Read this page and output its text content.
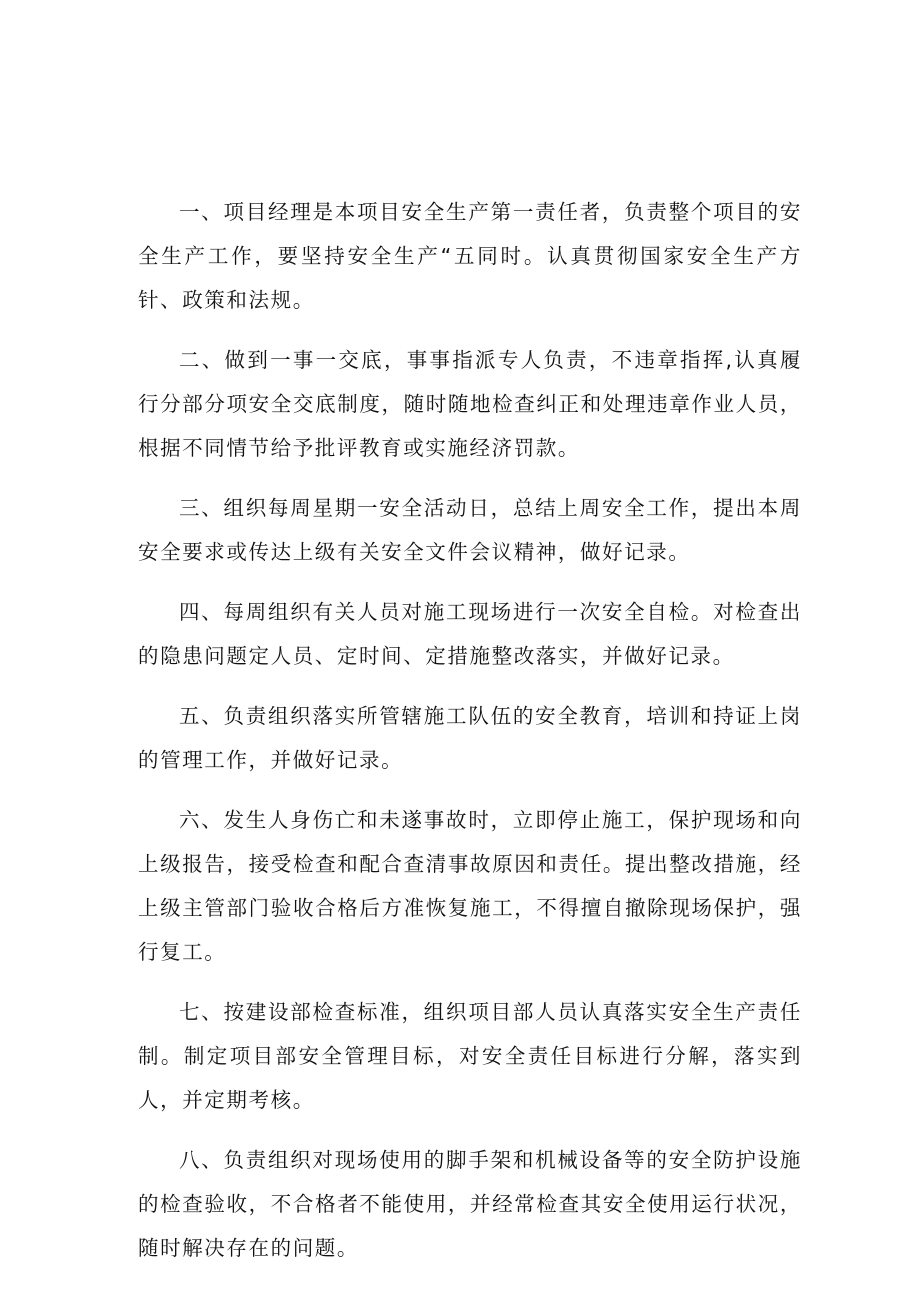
一、项目经理是本项目安全生产第一责任者，负责整个项目的安全生产工作，要坚持安全生产“五同时。认真贯彻国家安全生产方针、政策和法规。

二、做到一事一交底，事事指派专人负责，不违章指挥,认真履行分部分项安全交底制度，随时随地检查纠正和处理违章作业人员，根据不同情节给予批评教育或实施经济罚款。

三、组织每周星期一安全活动日，总结上周安全工作，提出本周安全要求或传达上级有关安全文件会议精神，做好记录。

四、每周组织有关人员对施工现场进行一次安全自检。对检查出的隐患问题定人员、定时间、定措施整改落实，并做好记录。

五、负责组织落实所管辖施工队伍的安全教育，培训和持证上岗的管理工作，并做好记录。

六、发生人身伤亡和未遂事故时，立即停止施工，保护现场和向上级报告，接受检查和配合查清事故原因和责任。提出整改措施，经上级主管部门验收合格后方准恢复施工，不得擅自撤除现场保护，强行复工。

七、按建设部检查标准，组织项目部人员认真落实安全生产责任制。制定项目部安全管理目标，对安全责任目标进行分解，落实到人，并定期考核。

八、负责组织对现场使用的脚手架和机械设备等的安全防护设施的检查验收，不合格者不能使用，并经常检查其安全使用运行状况，随时解决存在的问题。
